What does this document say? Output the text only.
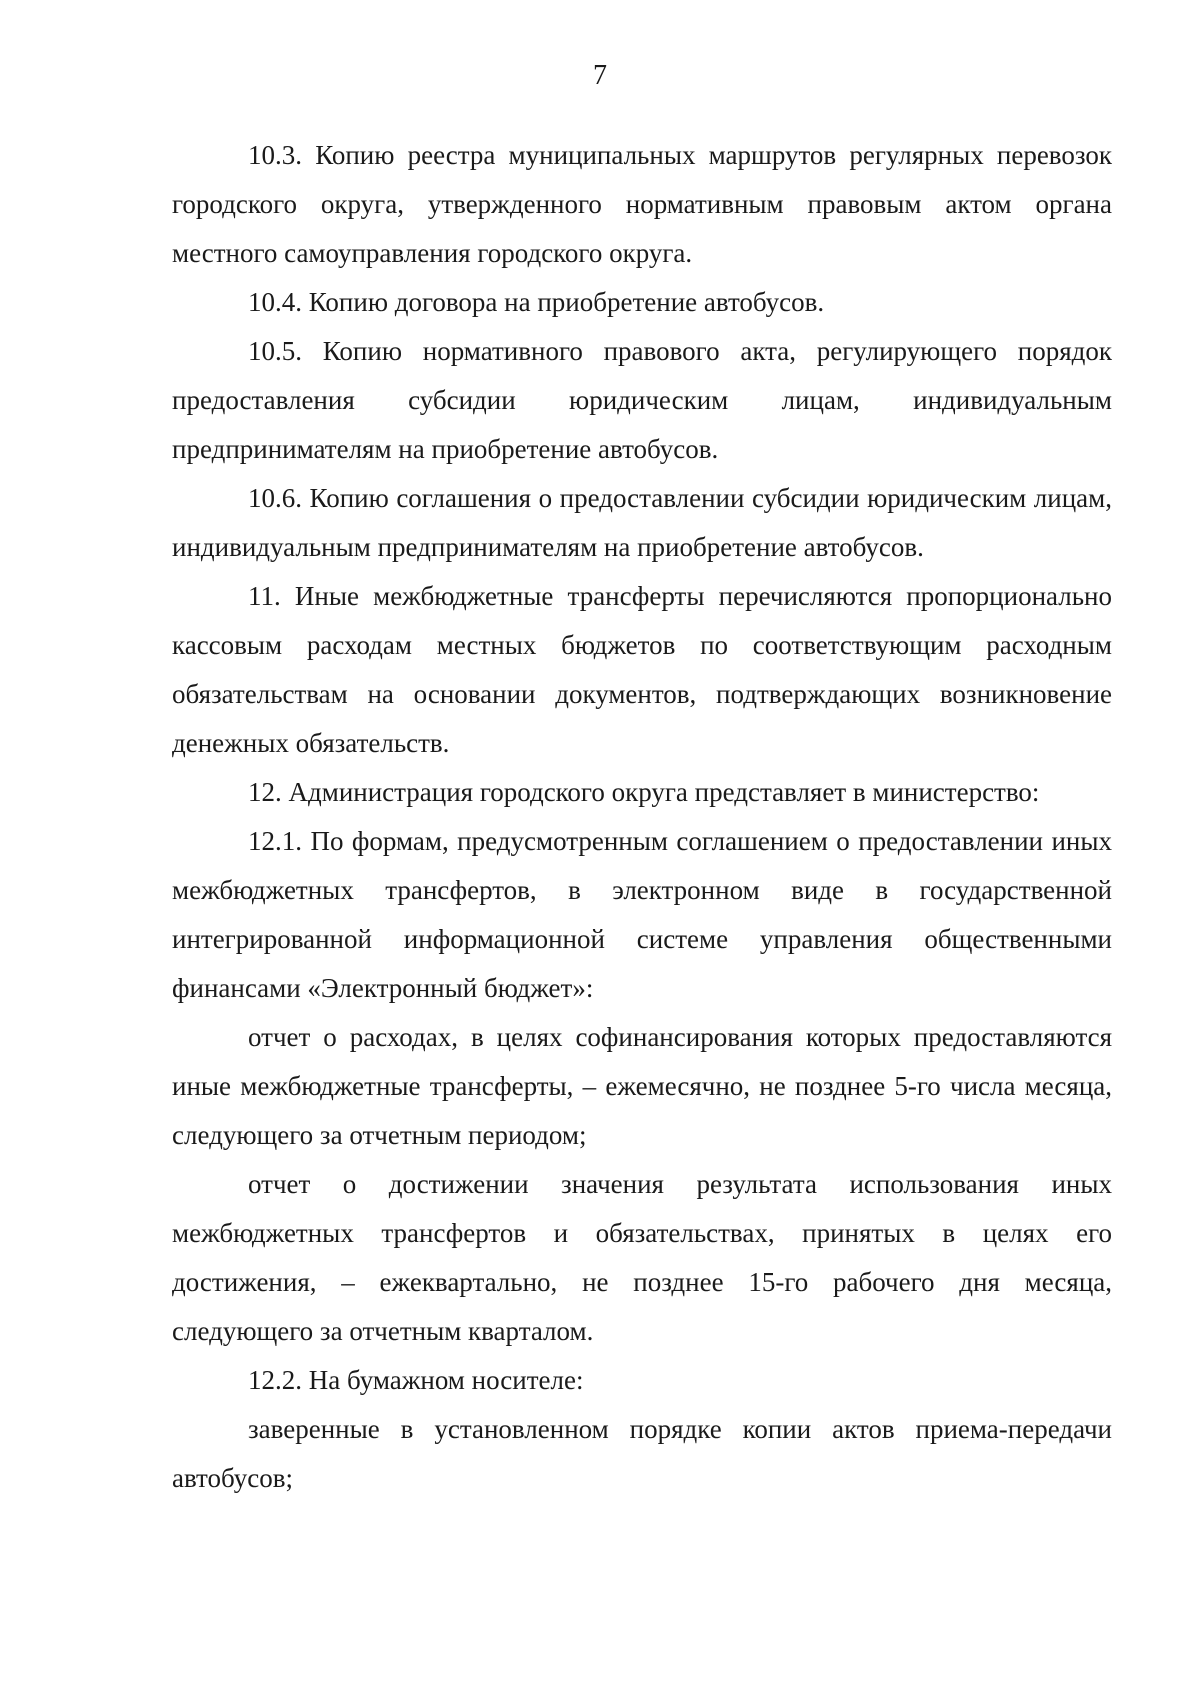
7

10.3. Копию реестра муниципальных маршрутов регулярных перевозок городского округа, утвержденного нормативным правовым актом органа местного самоуправления городского округа.

10.4. Копию договора на приобретение автобусов.

10.5. Копию нормативного правового акта, регулирующего порядок предоставления субсидии юридическим лицам, индивидуальным предпринимателям на приобретение автобусов.

10.6. Копию соглашения о предоставлении субсидии юридическим лицам, индивидуальным предпринимателям на приобретение автобусов.

11. Иные межбюджетные трансферты перечисляются пропорционально кассовым расходам местных бюджетов по соответствующим расходным обязательствам на основании документов, подтверждающих возникновение денежных обязательств.

12. Администрация городского округа представляет в министерство:

12.1. По формам, предусмотренным соглашением о предоставлении иных межбюджетных трансфертов, в электронном виде в государственной интегрированной информационной системе управления общественными финансами «Электронный бюджет»:

отчет о расходах, в целях софинансирования которых предоставляются иные межбюджетные трансферты, – ежемесячно, не позднее 5-го числа месяца, следующего за отчетным периодом;

отчет о достижении значения результата использования иных межбюджетных трансфертов и обязательствах, принятых в целях его достижения, – ежеквартально, не позднее 15-го рабочего дня месяца, следующего за отчетным кварталом.

12.2. На бумажном носителе:

заверенные в установленном порядке копии актов приема-передачи автобусов;
